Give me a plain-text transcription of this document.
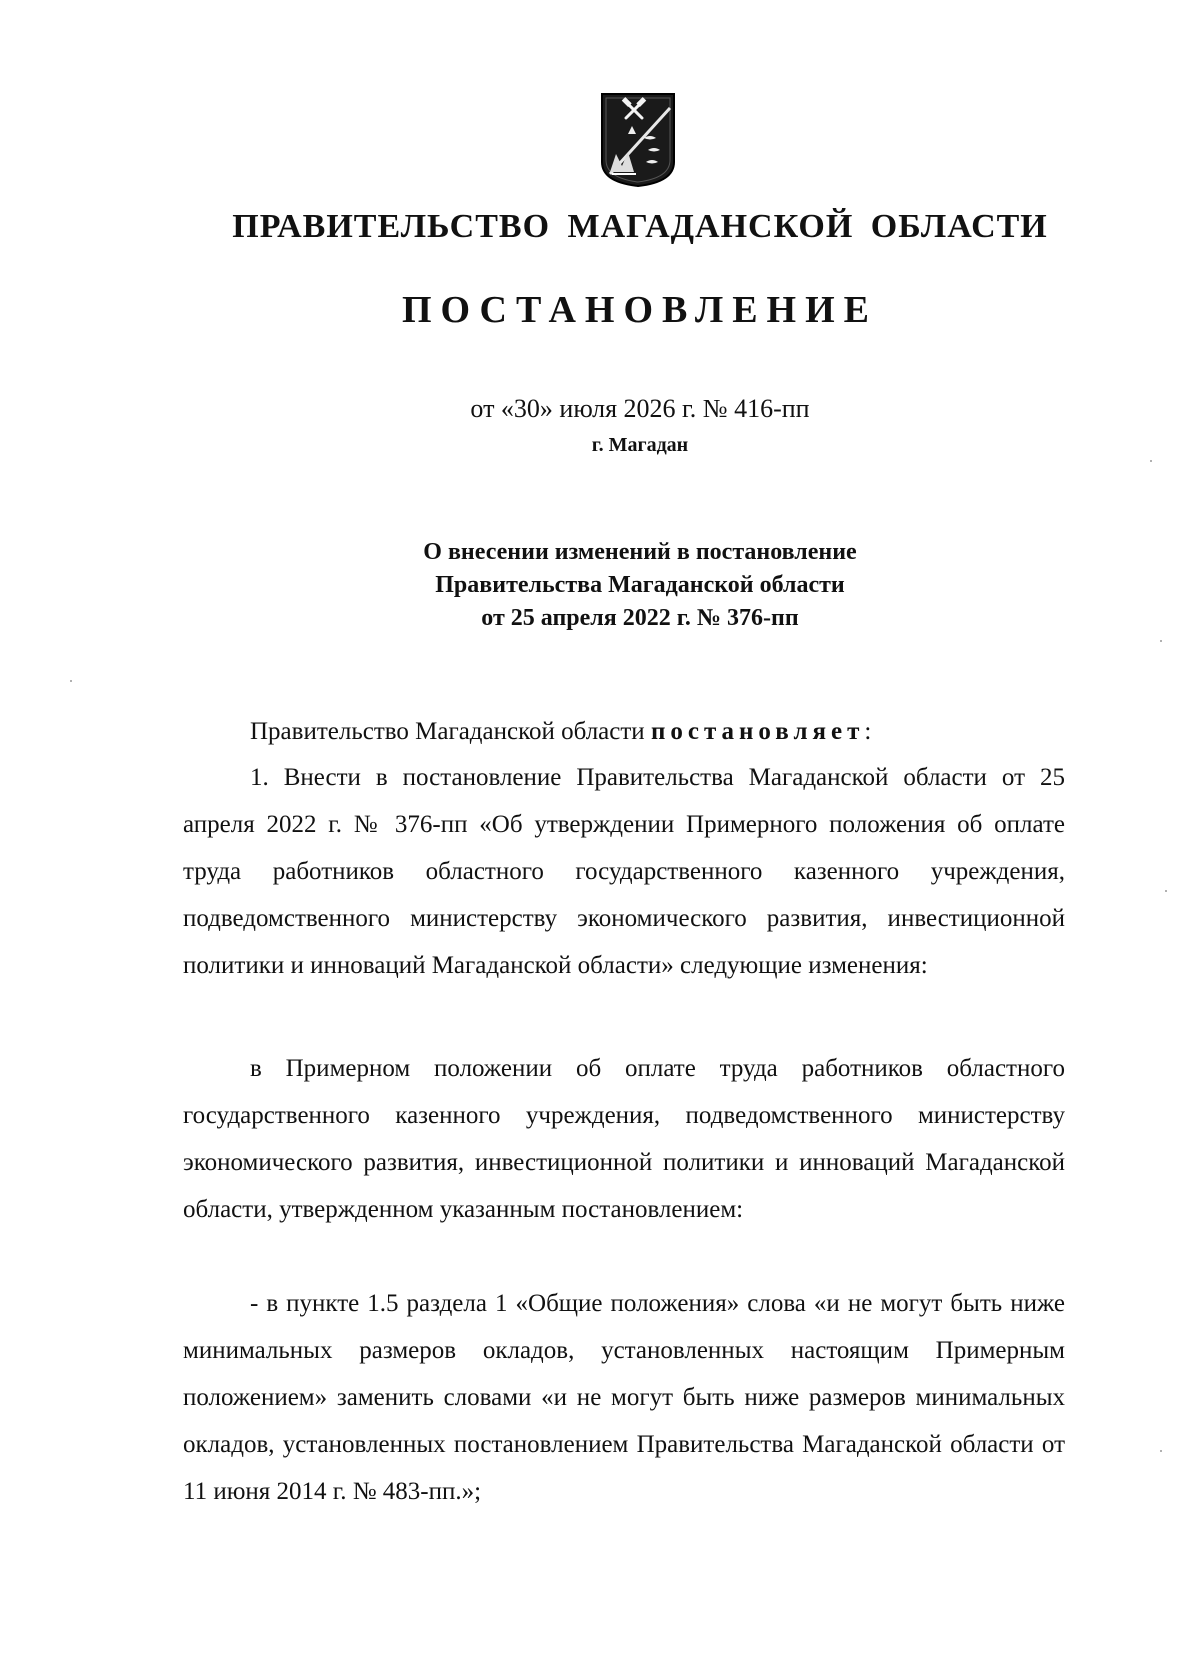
ПРАВИТЕЛЬСТВО МАГАДАНСКОЙ ОБЛАСТИ
ПОСТАНОВЛЕНИЕ
от «30» июля 2026 г. № 416-пп
г. Магадан
О внесении изменений в постановление
Правительства Магаданской области
от 25 апреля 2022 г. № 376-пп

Правительство Магаданской области постановляет:

1. Внести в постановление Правительства Магаданской области от 25 апреля 2022 г. № 376-пп «Об утверждении Примерного положения об оплате труда работников областного государственного казенного учреждения, подведомственного министерству экономического развития, инвестиционной политики и инноваций Магаданской области» следующие изменения:

в Примерном положении об оплате труда работников областного государственного казенного учреждения, подведомственного министерству экономического развития, инвестиционной политики и инноваций Магаданской области, утвержденном указанным постановлением:

- в пункте 1.5 раздела 1 «Общие положения» слова «и не могут быть ниже минимальных размеров окладов, установленных настоящим Примерным положением» заменить словами «и не могут быть ниже размеров минимальных окладов, установленных постановлением Правительства Магаданской области от 11 июня 2014 г. № 483-пп.»;
